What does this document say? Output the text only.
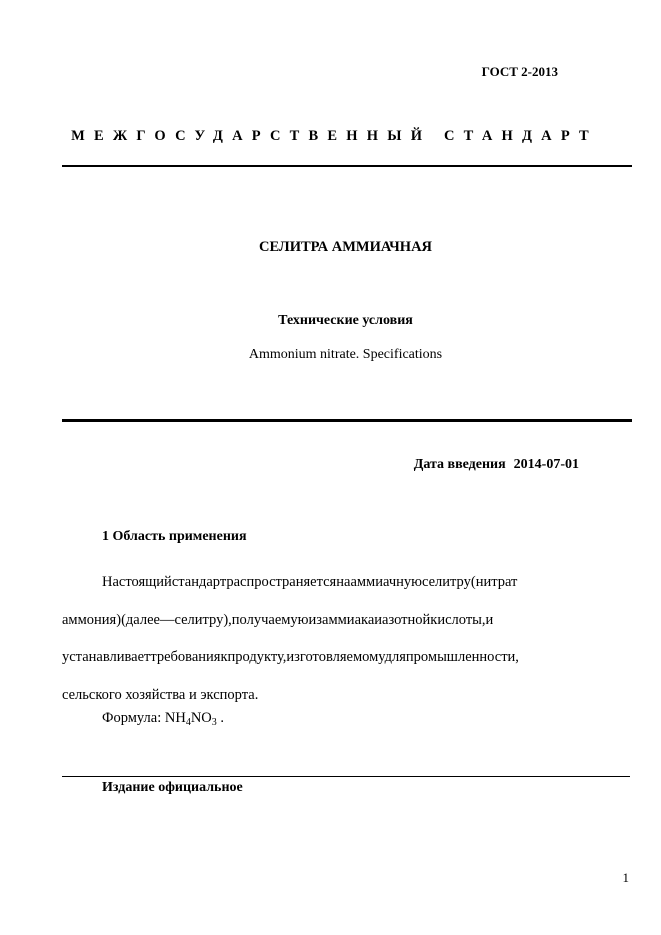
ГОСТ 2-2013
МЕЖГОСУДАРСТВЕННЫЙ СТАНДАРТ
СЕЛИТРА АММИАЧНАЯ
Технические условия
Ammonium nitrate. Specifications
Дата введения 2014-07-01
1 Область применения
Настоящийстандартраспространяетсянааммиачнуюселитру(нитрат
аммония)(далее—селитру),получаемуюизаммиакаиазотнойкислоты,и
устанавливаеттребованиякпродукту,изготовляемомудляпромышленности,
сельского хозяйства и экспорта.
Формула: $NH_4NO_3$ .
Издание официальное
1
